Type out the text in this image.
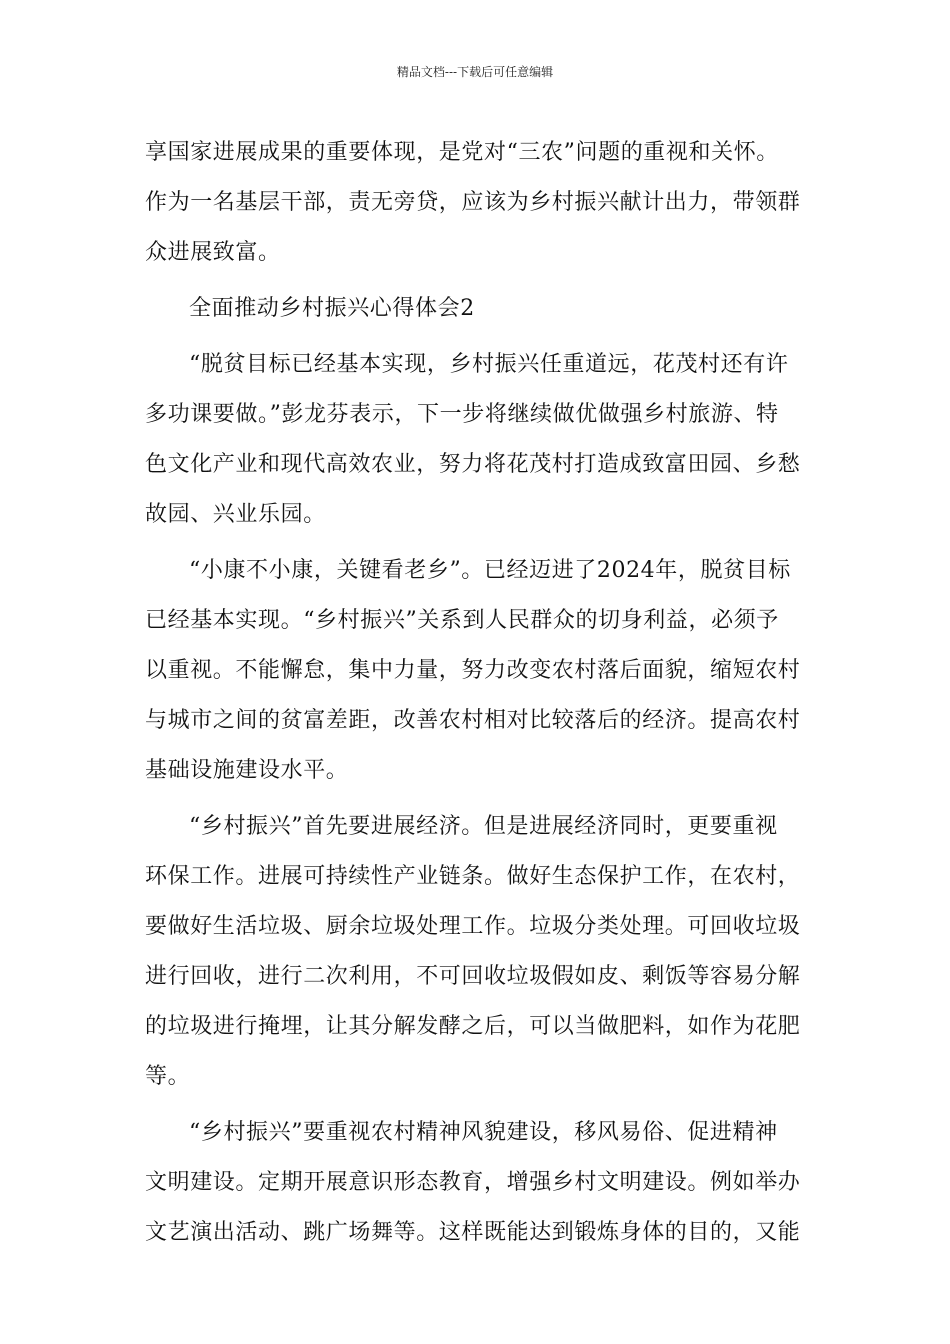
精品文档---下载后可任意编辑
享国家进展成果的重要体现，是党对“三农”问题的重视和关怀。
作为一名基层干部，责无旁贷，应该为乡村振兴献计出力，带领群
众进展致富。
全面推动乡村振兴心得体会2
“脱贫目标已经基本实现，乡村振兴任重道远，花茂村还有许
多功课要做。”彭龙芬表示，下一步将继续做优做强乡村旅游、特
色文化产业和现代高效农业，努力将花茂村打造成致富田园、乡愁
故园、兴业乐园。
“小康不小康，关键看老乡”。已经迈进了2024年，脱贫目标
已经基本实现。“乡村振兴”关系到人民群众的切身利益，必须予
以重视。不能懈怠，集中力量，努力改变农村落后面貌，缩短农村
与城市之间的贫富差距，改善农村相对比较落后的经济。提高农村
基础设施建设水平。
“乡村振兴”首先要进展经济。但是进展经济同时，更要重视
环保工作。进展可持续性产业链条。做好生态保护工作，在农村，
要做好生活垃圾、厨余垃圾处理工作。垃圾分类处理。可回收垃圾
进行回收，进行二次利用，不可回收垃圾假如皮、剩饭等容易分解
的垃圾进行掩埋，让其分解发酵之后，可以当做肥料，如作为花肥
等。
“乡村振兴”要重视农村精神风貌建设，移风易俗、促进精神
文明建设。定期开展意识形态教育，增强乡村文明建设。例如举办
文艺演出活动、跳广场舞等。这样既能达到锻炼身体的目的，又能
